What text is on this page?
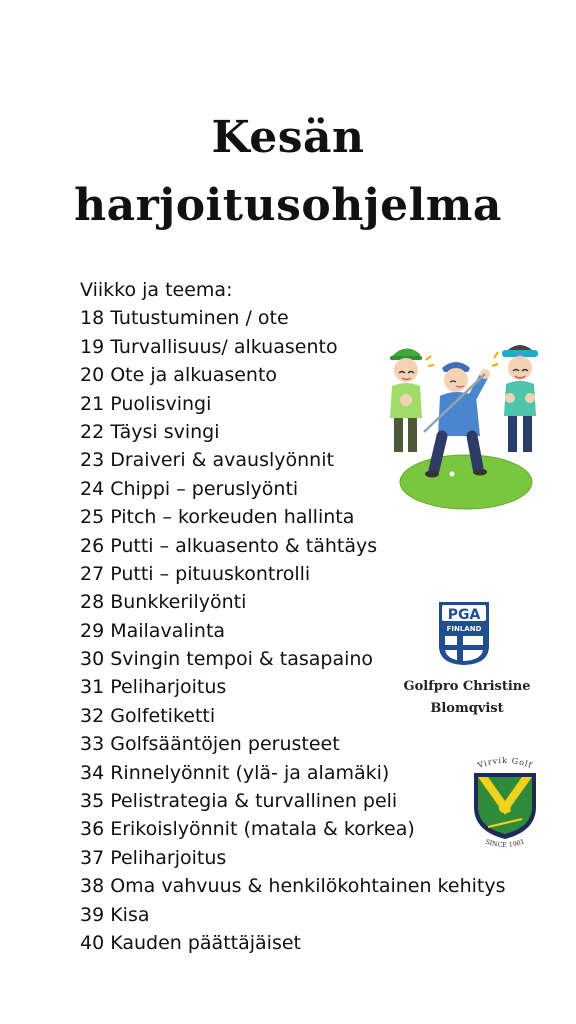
Kesän
harjoitusohjelma
Viikko ja teema:
18 Tutustuminen / ote
19 Turvallisuus/ alkuasento
20 Ote ja alkuasento
21 Puolisvingi
22 Täysi svingi
23 Draiveri & avauslyönnit
24 Chippi – peruslyönti
25 Pitch – korkeuden hallinta
26 Putti – alkuasento & tähtäys
27 Putti – pituuskontrolli
28 Bunkkerilyönti
29 Mailavalinta
30 Svingin tempoi & tasapaino
31 Peliharjoitus
32 Golfetiketti
33 Golfsääntöjen perusteet
34 Rinnelyönnit (ylä- ja alamäki)
35 Pelistrategia & turvallinen peli
36 Erikoislyönnit (matala & korkea)
37 Peliharjoitus
38 Oma vahvuus & henkilökohtainen kehitys
39 Kisa
40 Kauden päättäjäiset
PGA
FINLAND
Golfpro Christine
Blomqvist
Virvik Golf
G
SINCE 1981
